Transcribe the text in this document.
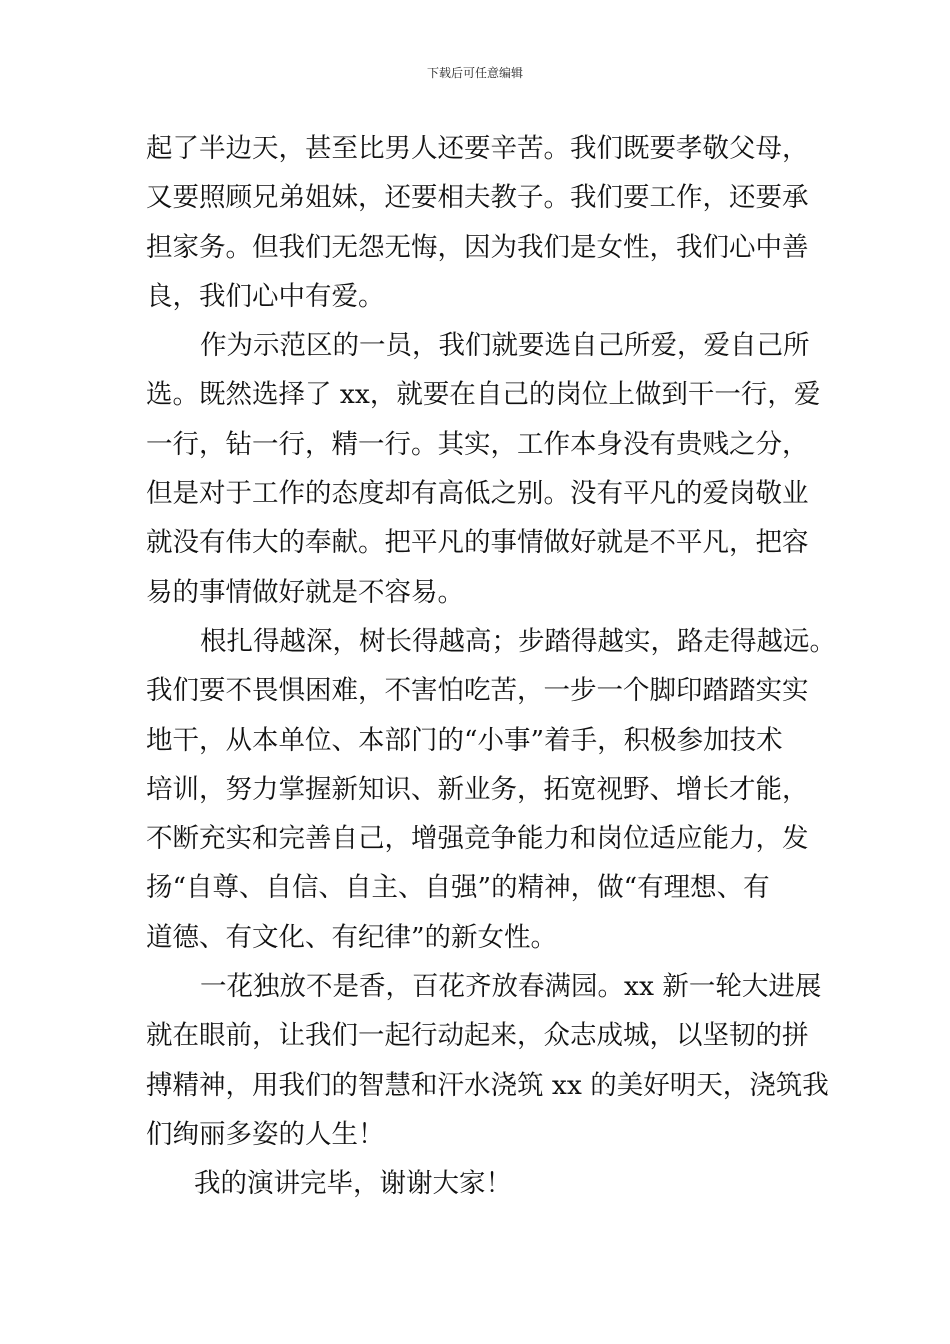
下载后可任意编辑
起了半边天，甚至比男人还要辛苦。我们既要孝敬父母，
又要照顾兄弟姐妹，还要相夫教子。我们要工作，还要承
担家务。但我们无怨无悔，因为我们是女性，我们心中善
良，我们心中有爱。
作为示范区的一员，我们就要选自己所爱，爱自己所
选。既然选择了 xx，就要在自己的岗位上做到干一行，爱
一行，钻一行，精一行。其实，工作本身没有贵贱之分，
但是对于工作的态度却有高低之别。没有平凡的爱岗敬业
就没有伟大的奉献。把平凡的事情做好就是不平凡，把容
易的事情做好就是不容易。
根扎得越深，树长得越高；步踏得越实，路走得越远。
我们要不畏惧困难，不害怕吃苦，一步一个脚印踏踏实实
地干，从本单位、本部门的“小事”着手，积极参加技术
培训，努力掌握新知识、新业务，拓宽视野、增长才能，
不断充实和完善自己，增强竞争能力和岗位适应能力，发
扬“自尊、自信、自主、自强”的精神，做“有理想、有
道德、有文化、有纪律”的新女性。
一花独放不是香，百花齐放春满园。xx 新一轮大进展
就在眼前，让我们一起行动起来，众志成城，以坚韧的拼
搏精神，用我们的智慧和汗水浇筑 xx 的美好明天，浇筑我
们绚丽多姿的人生！
我的演讲完毕，谢谢大家！
